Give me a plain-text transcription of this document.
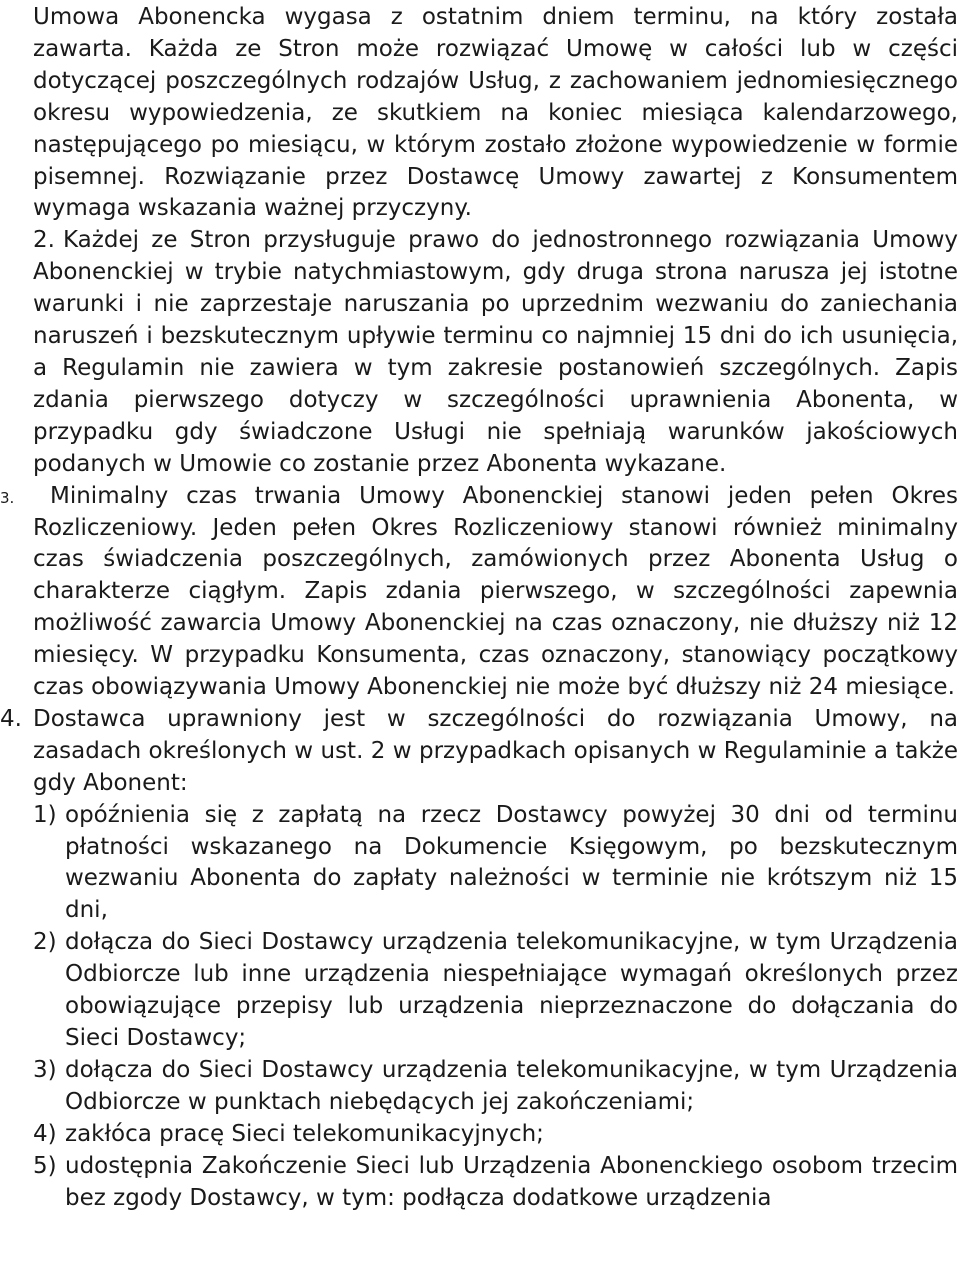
Umowa Abonencka wygasa z ostatnim dniem terminu, na który została zawarta. Każda ze Stron może rozwiązać Umowę w całości lub w części dotyczącej poszczególnych rodzajów Usług, z zachowaniem jednomiesięcznego okresu wypowiedzenia, ze skutkiem na koniec miesiąca kalendarzowego, następującego po miesiącu, w którym zostało złożone wypowiedzenie w formie pisemnej. Rozwiązanie przez Dostawcę Umowy zawartej z Konsumentem wymaga wskazania ważnej przyczyny.

2. Każdej ze Stron przysługuje prawo do jednostronnego rozwiązania Umowy Abonenckiej w trybie natychmiastowym, gdy druga strona narusza jej istotne warunki i nie zaprzestaje naruszania po uprzednim wezwaniu do zaniechania naruszeń i bezskutecznym upływie terminu co najmniej 15 dni do ich usunięcia, a Regulamin nie zawiera w tym zakresie postanowień szczególnych. Zapis zdania pierwszego dotyczy w szczególności uprawnienia Abonenta, w przypadku gdy świadczone Usługi nie spełniają warunków jakościowych podanych w Umowie co zostanie przez Abonenta wykazane.
3. Minimalny czas trwania Umowy Abonenckiej stanowi jeden pełen Okres Rozliczeniowy. Jeden pełen Okres Rozliczeniowy stanowi również minimalny czas świadczenia poszczególnych, zamówionych przez Abonenta Usług o charakterze ciągłym. Zapis zdania pierwszego, w szczególności zapewnia możliwość zawarcia Umowy Abonenckiej na czas oznaczony, nie dłuższy niż 12 miesięcy. W przypadku Konsumenta, czas oznaczony, stanowiący początkowy czas obowiązywania Umowy Abonenckiej nie może być dłuższy niż 24 miesiące.
4. Dostawca uprawniony jest w szczególności do rozwiązania Umowy, na zasadach określonych w ust. 2 w przypadkach opisanych w Regulaminie a także gdy Abonent:
1) opóźnienia się z zapłatą na rzecz Dostawcy powyżej 30 dni od terminu płatności wskazanego na Dokumencie Księgowym, po bezskutecznym wezwaniu Abonenta do zapłaty należności w terminie nie krótszym niż 15 dni,
2) dołącza do Sieci Dostawcy urządzenia telekomunikacyjne, w tym Urządzenia Odbiorcze lub inne urządzenia niespełniające wymagań określonych przez obowiązujące przepisy lub urządzenia nieprzeznaczone do dołączania do Sieci Dostawcy;
3) dołącza do Sieci Dostawcy urządzenia telekomunikacyjne, w tym Urządzenia Odbiorcze w punktach niebędących jej zakończeniami;
4) zakłóca pracę Sieci telekomunikacyjnych;
5) udostępnia Zakończenie Sieci lub Urządzenia Abonenckiego osobom trzecim bez zgody Dostawcy, w tym: podłącza dodatkowe urządzenia
